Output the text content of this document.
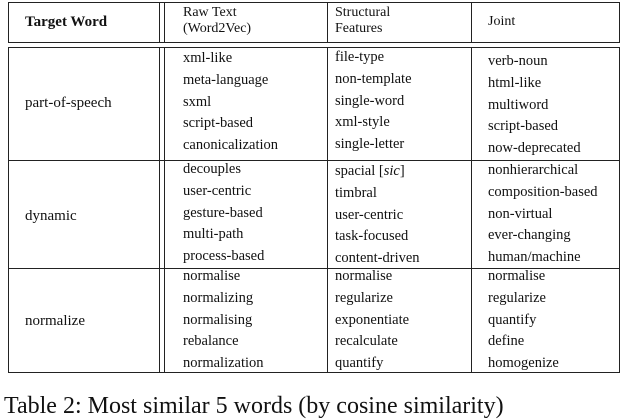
Target Word
Raw Text
(Word2Vec)
Structural
Features	Joint
part-of-speech
xml-like
meta-language
sxml
script-based
canonicalization
file-type
non-template
single-word
xml-style
single-letter
verb-noun
html-like
multiword
script-based
now-deprecated
dynamic
decouples
user-centric
gesture-based
multi-path
process-based
spacial [sic]
timbral
user-centric
task-focused
content-driven
nonhierarchical
composition-based
non-virtual
ever-changing
human/machine
normalize
normalise
normalizing
normalising
rebalance
normalization
normalise
regularize
exponentiate
recalculate
quantify
normalise
regularize
quantify
define
homogenize
Table 2: Most similar 5 words (by cosine similarity)
